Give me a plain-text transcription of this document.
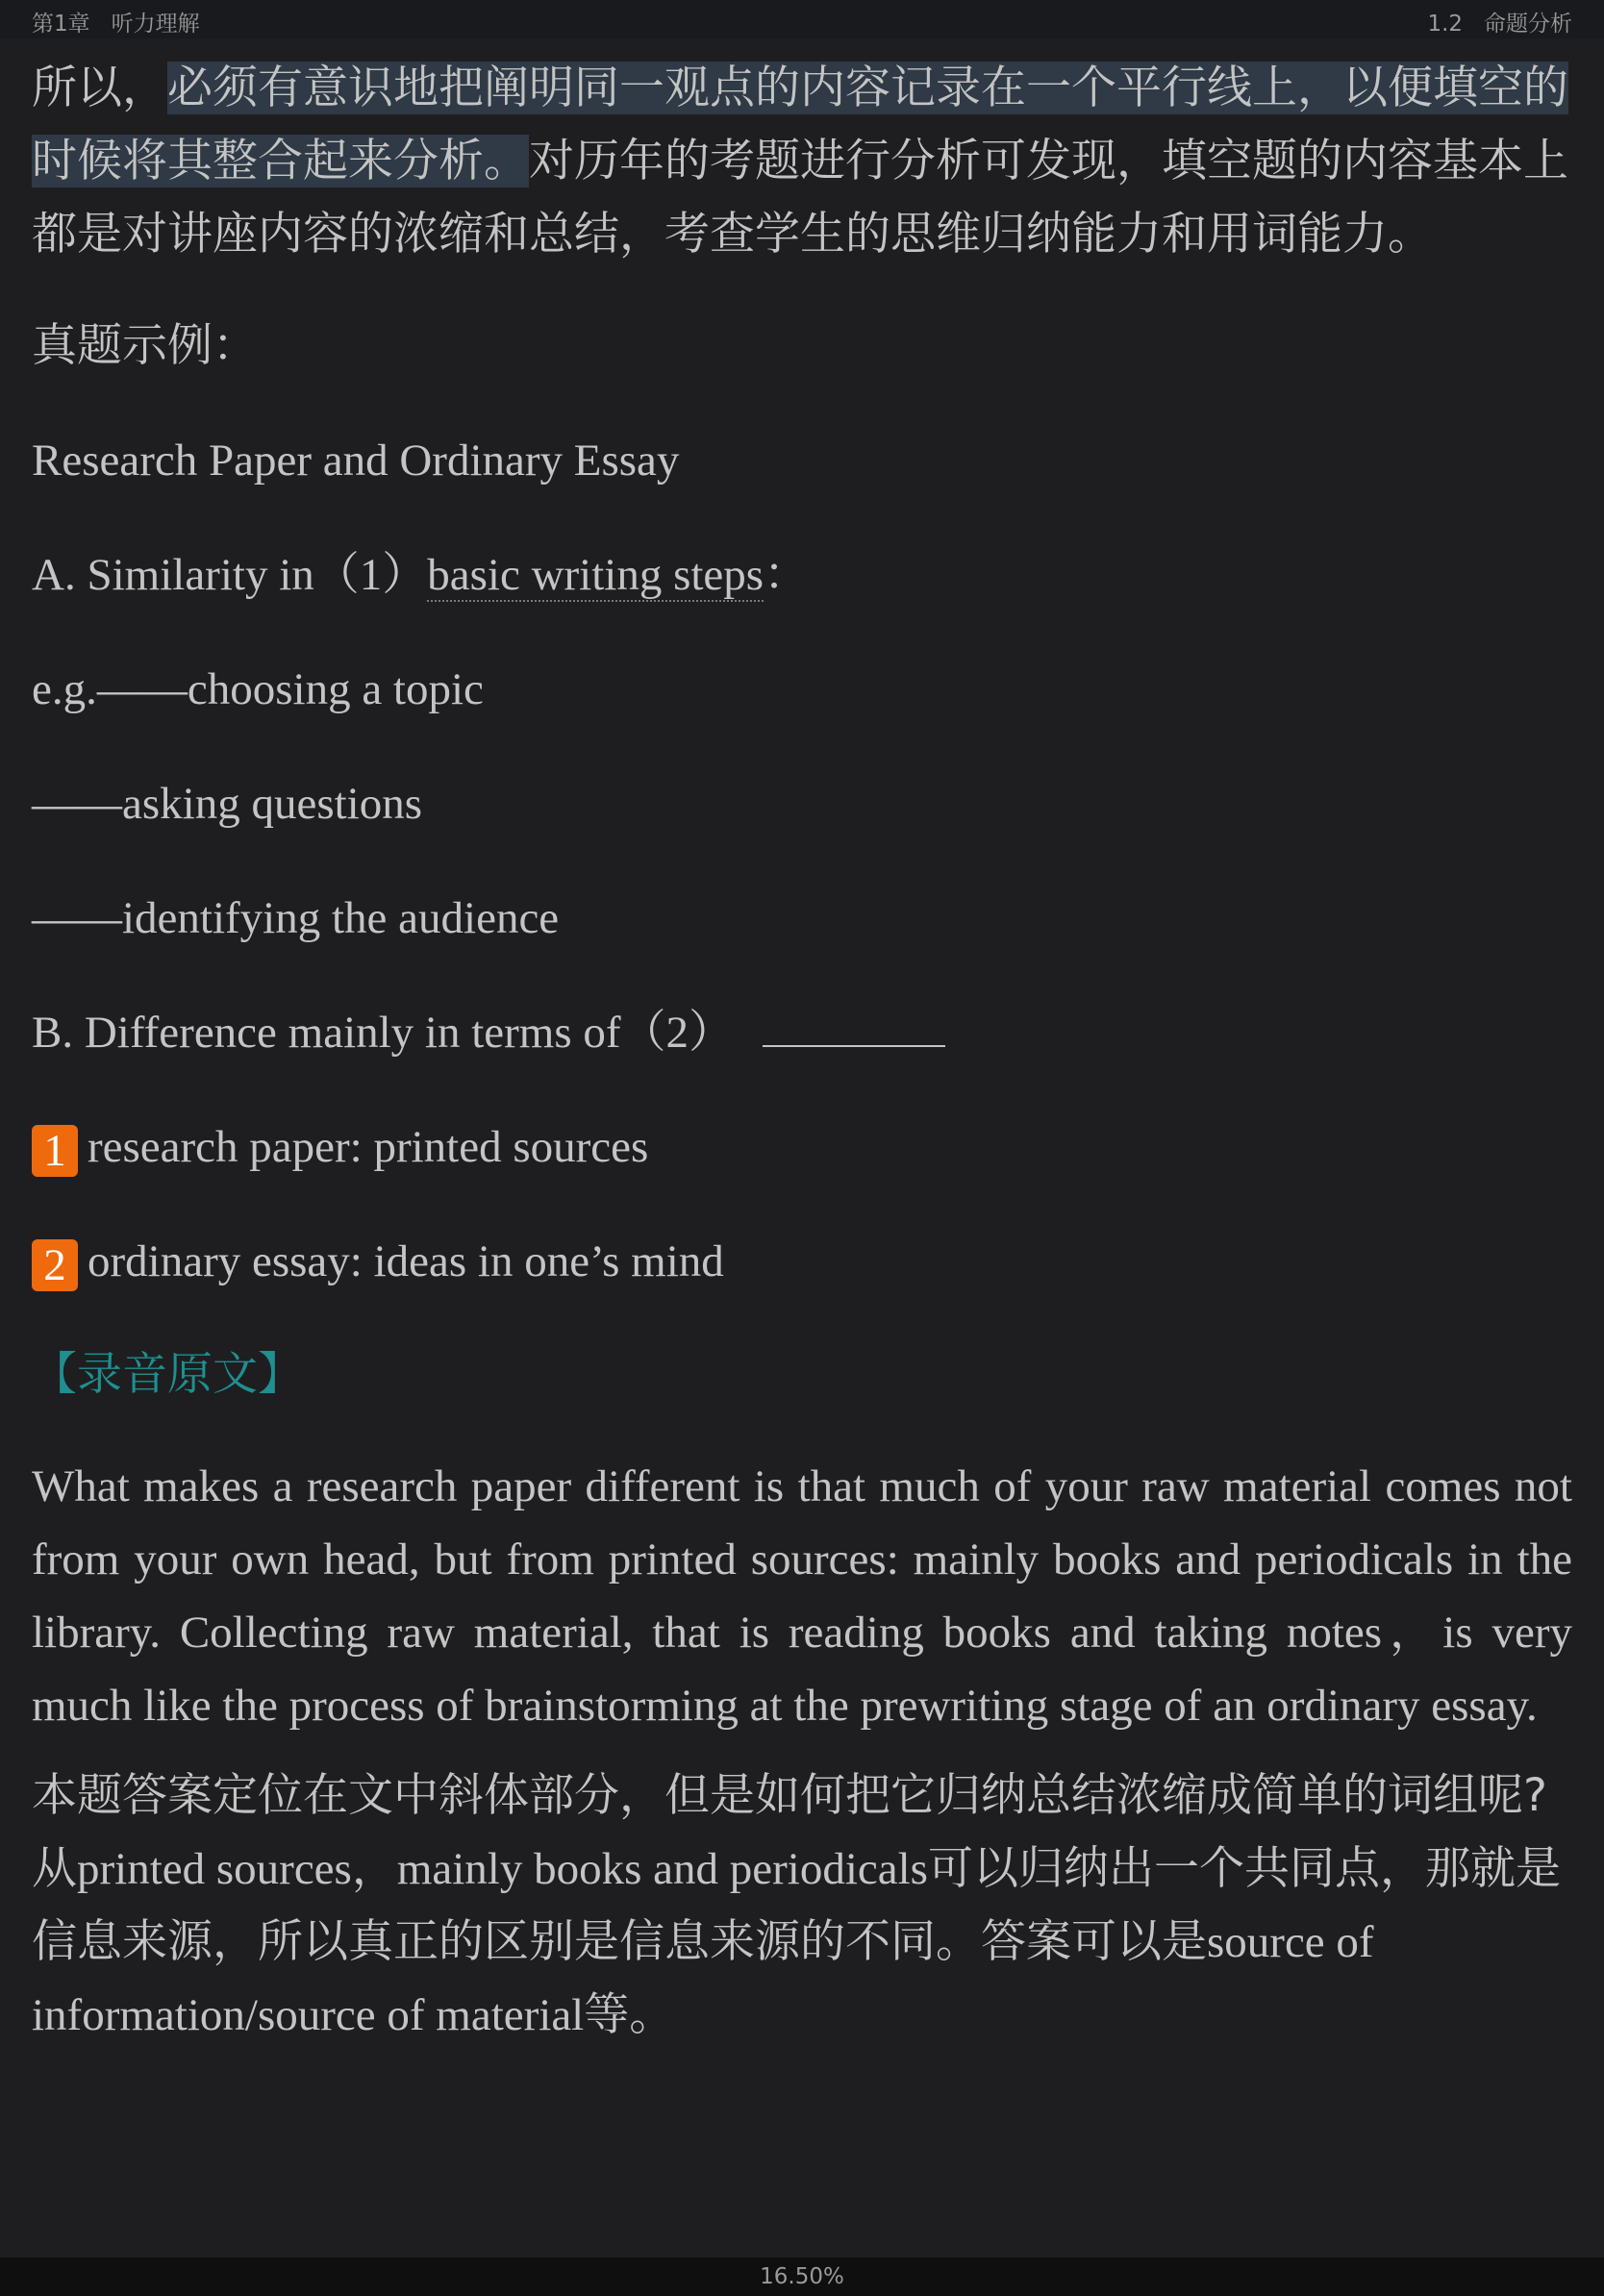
第1章 听力理解	1.2 命题分析

所以，必须有意识地把阐明同一观点的内容记录在一个平行线上，以便填空的时候将其整合起来分析。对历年的考题进行分析可发现，填空题的内容基本上都是对讲座内容的浓缩和总结，考查学生的思维归纳能力和用词能力。

真题示例：

Research Paper and Ordinary Essay

A. Similarity in（1）basic writing steps：

e.g.——choosing a topic

——asking questions

——identifying the audience

B. Difference mainly in terms of（2）

1 research paper: printed sources

2 ordinary essay: ideas in one’s mind

【录音原文】

What makes a research paper different is that much of your raw material comes not from your own head, but from printed sources: mainly books and periodicals in the library. Collecting raw material, that is reading books and taking notes，is very much like the process of brainstorming at the prewriting stage of an ordinary essay.

本题答案定位在文中斜体部分，但是如何把它归纳总结浓缩成简单的词组呢?从printed sources，mainly books and periodicals可以归纳出一个共同点，那就是信息来源，所以真正的区别是信息来源的不同。答案可以是source of information/source of material等。

16.50%
